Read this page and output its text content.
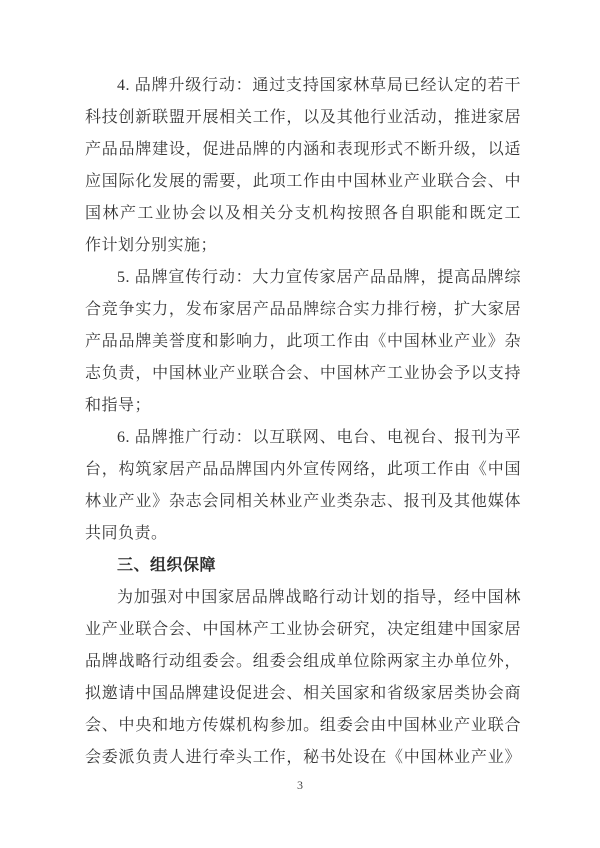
4. 品牌升级行动：通过支持国家林草局已经认定的若干
科技创新联盟开展相关工作，以及其他行业活动，推进家居
产品品牌建设，促进品牌的内涵和表现形式不断升级，以适
应国际化发展的需要，此项工作由中国林业产业联合会、中
国林产工业协会以及相关分支机构按照各自职能和既定工
作计划分别实施；
5. 品牌宣传行动：大力宣传家居产品品牌，提高品牌综
合竞争实力，发布家居产品品牌综合实力排行榜，扩大家居
产品品牌美誉度和影响力，此项工作由《中国林业产业》杂
志负责，中国林业产业联合会、中国林产工业协会予以支持
和指导；
6. 品牌推广行动：以互联网、电台、电视台、报刊为平
台，构筑家居产品品牌国内外宣传网络，此项工作由《中国
林业产业》杂志会同相关林业产业类杂志、报刊及其他媒体
共同负责。
三、组织保障
为加强对中国家居品牌战略行动计划的指导，经中国林
业产业联合会、中国林产工业协会研究，决定组建中国家居
品牌战略行动组委会。组委会组成单位除两家主办单位外，
拟邀请中国品牌建设促进会、相关国家和省级家居类协会商
会、中央和地方传媒机构参加。组委会由中国林业产业联合
会委派负责人进行牵头工作，秘书处设在《中国林业产业》
3
